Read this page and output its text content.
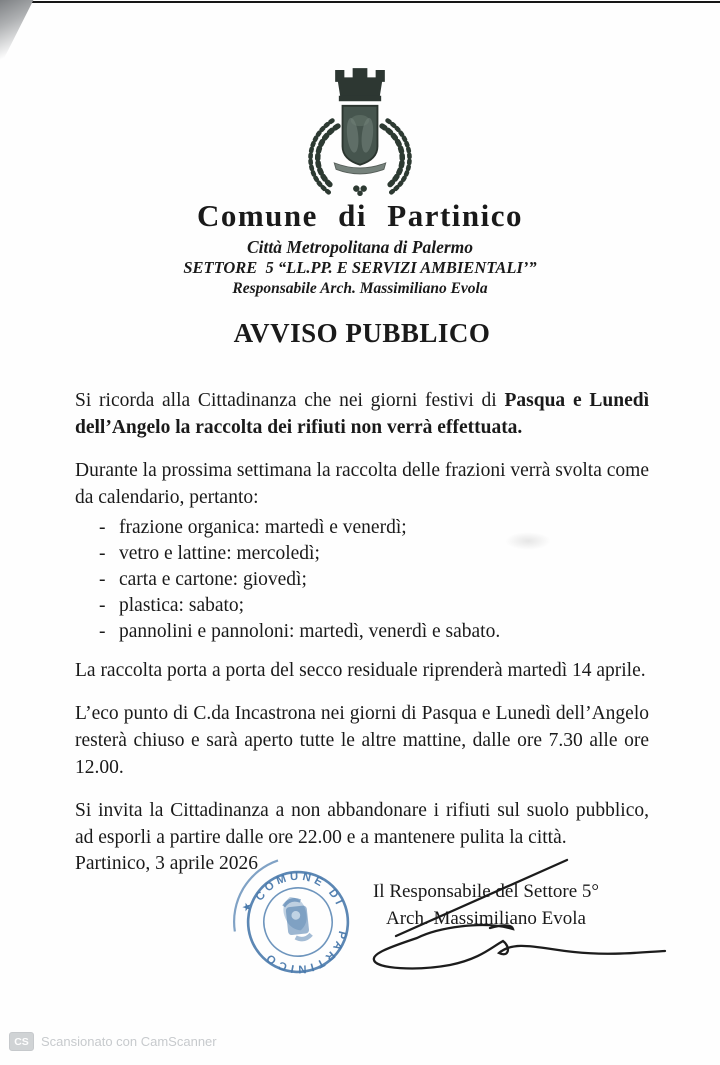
Comune di Partinico
Città Metropolitana di Palermo
SETTORE  5 “LL.PP. E SERVIZI AMBIENTALI’”
Responsabile Arch. Massimiliano Evola
AVVISO PUBBLICO

Si ricorda alla Cittadinanza che nei giorni festivi di Pasqua e Lunedì dell’Angelo la raccolta dei rifiuti non verrà effettuata.

Durante la prossima settimana la raccolta delle frazioni verrà svolta come da calendario, pertanto:

- frazione organica: martedì e venerdì;
- vetro e lattine: mercoledì;
- carta e cartone: giovedì;
- plastica: sabato;
- pannolini e pannoloni: martedì, venerdì e sabato.

La raccolta porta a porta del secco residuale riprenderà martedì 14 aprile.

L’eco punto di C.da Incastrona nei giorni di Pasqua e Lunedì dell’Angelo resterà chiuso e sarà aperto tutte le altre mattine, dalle ore 7.30 alle ore 12.00.

Si invita la Cittadinanza a non abbandonare i rifiuti sul suolo pubblico, ad esporli a partire dalle ore 22.00 e a mantenere pulita la città.

Partinico, 3 aprile 2026
COMUNE DI
PARTINICO
★
Il Responsabile del Settore 5°
Arch. Massimiliano Evola
CS Scansionato con CamScanner
